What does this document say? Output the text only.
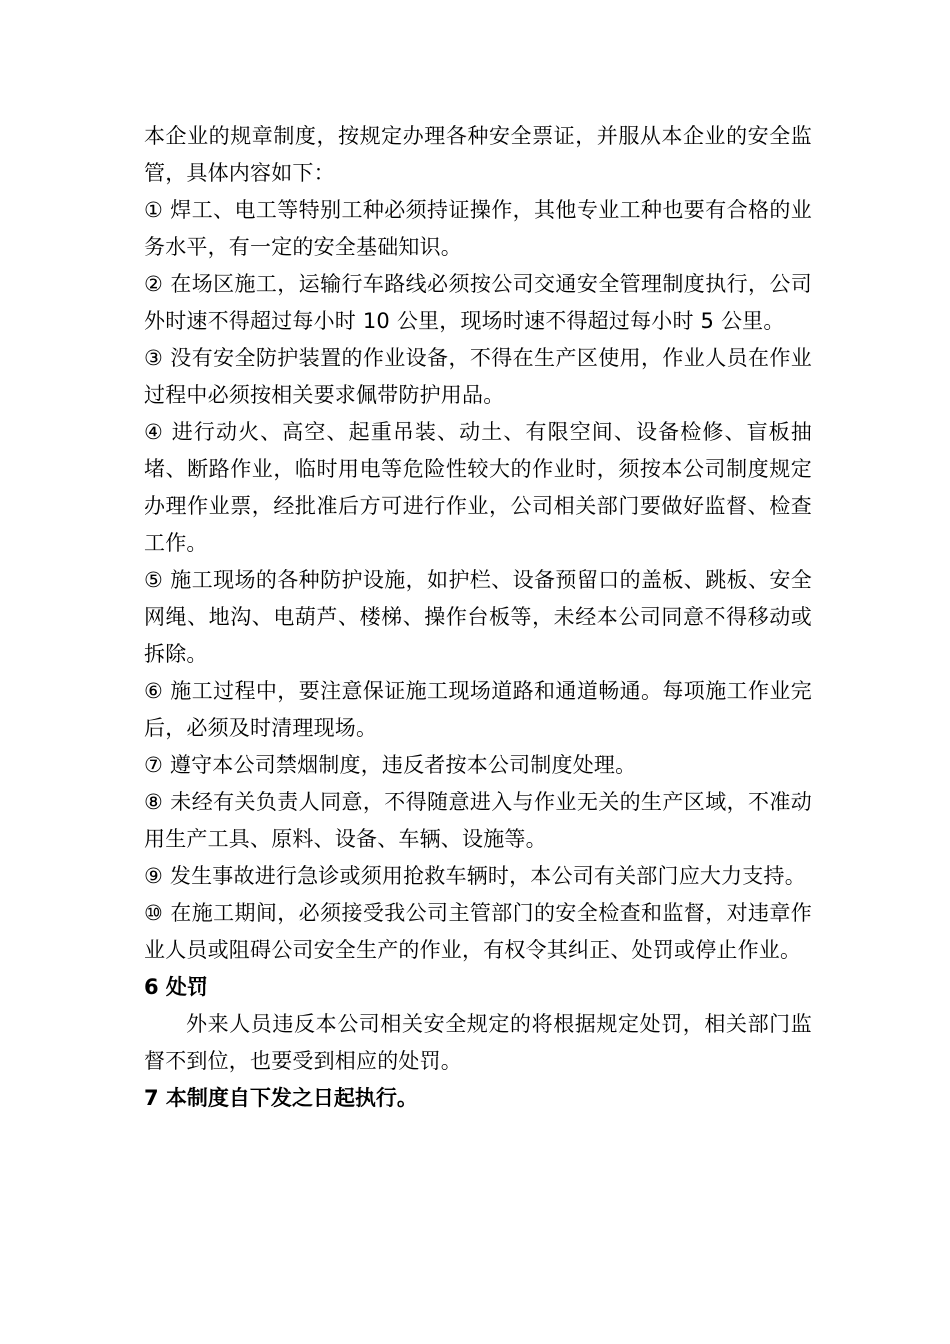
本企业的规章制度，按规定办理各种安全票证，并服从本企业的安全监管，具体内容如下：

① 焊工、电工等特别工种必须持证操作，其他专业工种也要有合格的业务水平，有一定的安全基础知识。

② 在场区施工，运输行车路线必须按公司交通安全管理制度执行，公司外时速不得超过每小时 10 公里，现场时速不得超过每小时 5 公里。

③ 没有安全防护装置的作业设备，不得在生产区使用，作业人员在作业过程中必须按相关要求佩带防护用品。

④ 进行动火、高空、起重吊装、动土、有限空间、设备检修、盲板抽堵、断路作业，临时用电等危险性较大的作业时，须按本公司制度规定办理作业票，经批准后方可进行作业，公司相关部门要做好监督、检查工作。

⑤ 施工现场的各种防护设施，如护栏、设备预留口的盖板、跳板、安全网绳、地沟、电葫芦、楼梯、操作台板等，未经本公司同意不得移动或拆除。

⑥ 施工过程中，要注意保证施工现场道路和通道畅通。每项施工作业完后，必须及时清理现场。

⑦ 遵守本公司禁烟制度，违反者按本公司制度处理。

⑧ 未经有关负责人同意，不得随意进入与作业无关的生产区域，不准动用生产工具、原料、设备、车辆、设施等。

⑨ 发生事故进行急诊或须用抢救车辆时，本公司有关部门应大力支持。

⑩ 在施工期间，必须接受我公司主管部门的安全检查和监督，对违章作业人员或阻碍公司安全生产的作业，有权令其纠正、处罚或停止作业。

6 处罚

外来人员违反本公司相关安全规定的将根据规定处罚，相关部门监督不到位，也要受到相应的处罚。

7 本制度自下发之日起执行。
